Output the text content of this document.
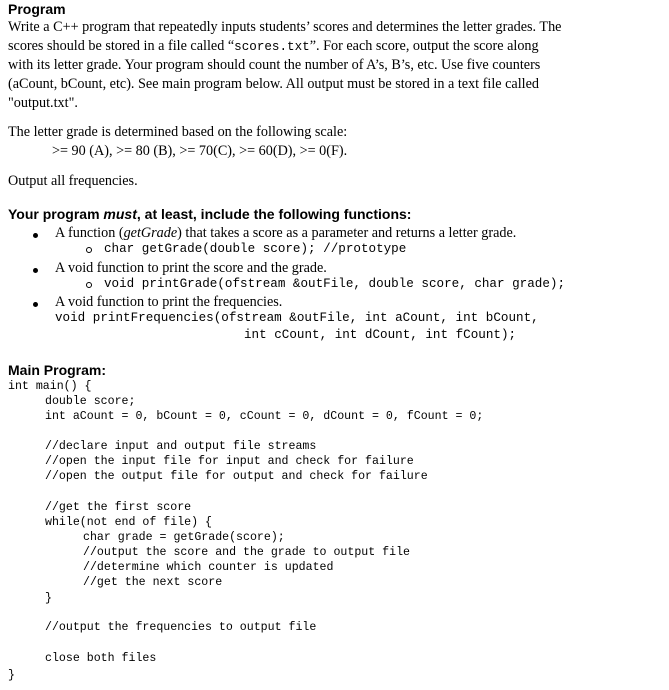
Program
Write a C++ program that repeatedly inputs students’ scores and determines the letter grades. The
scores should be stored in a file called “scores.txt”. For each score, output the score along
with its letter grade. Your program should count the number of A’s, B’s, etc. Use five counters
(aCount, bCount, etc). See main program below. All output must be stored in a text file called
"output.txt".
The letter grade is determined based on the following scale:
>= 90 (A), >= 80 (B), >= 70(C), >= 60(D), >= 0(F).
Output all frequencies.
Your program must, at least, include the following functions:
A function (getGrade) that takes a score as a parameter and returns a letter grade.
char getGrade(double score); //prototype
A void function to print the score and the grade.
void printGrade(ofstream &outFile, double score, char grade);
A void function to print the frequencies.
void printFrequencies(ofstream &outFile, int aCount, int bCount,
int cCount, int dCount, int fCount);
Main Program:
int main() {
double score;
int aCount = 0, bCount = 0, cCount = 0, dCount = 0, fCount = 0;
//declare input and output file streams
//open the input file for input and check for failure
//open the output file for output and check for failure
//get the first score
while(not end of file) {
char grade = getGrade(score);
//output the score and the grade to output file
//determine which counter is updated
//get the next score
}
//output the frequencies to output file
close both files
}
